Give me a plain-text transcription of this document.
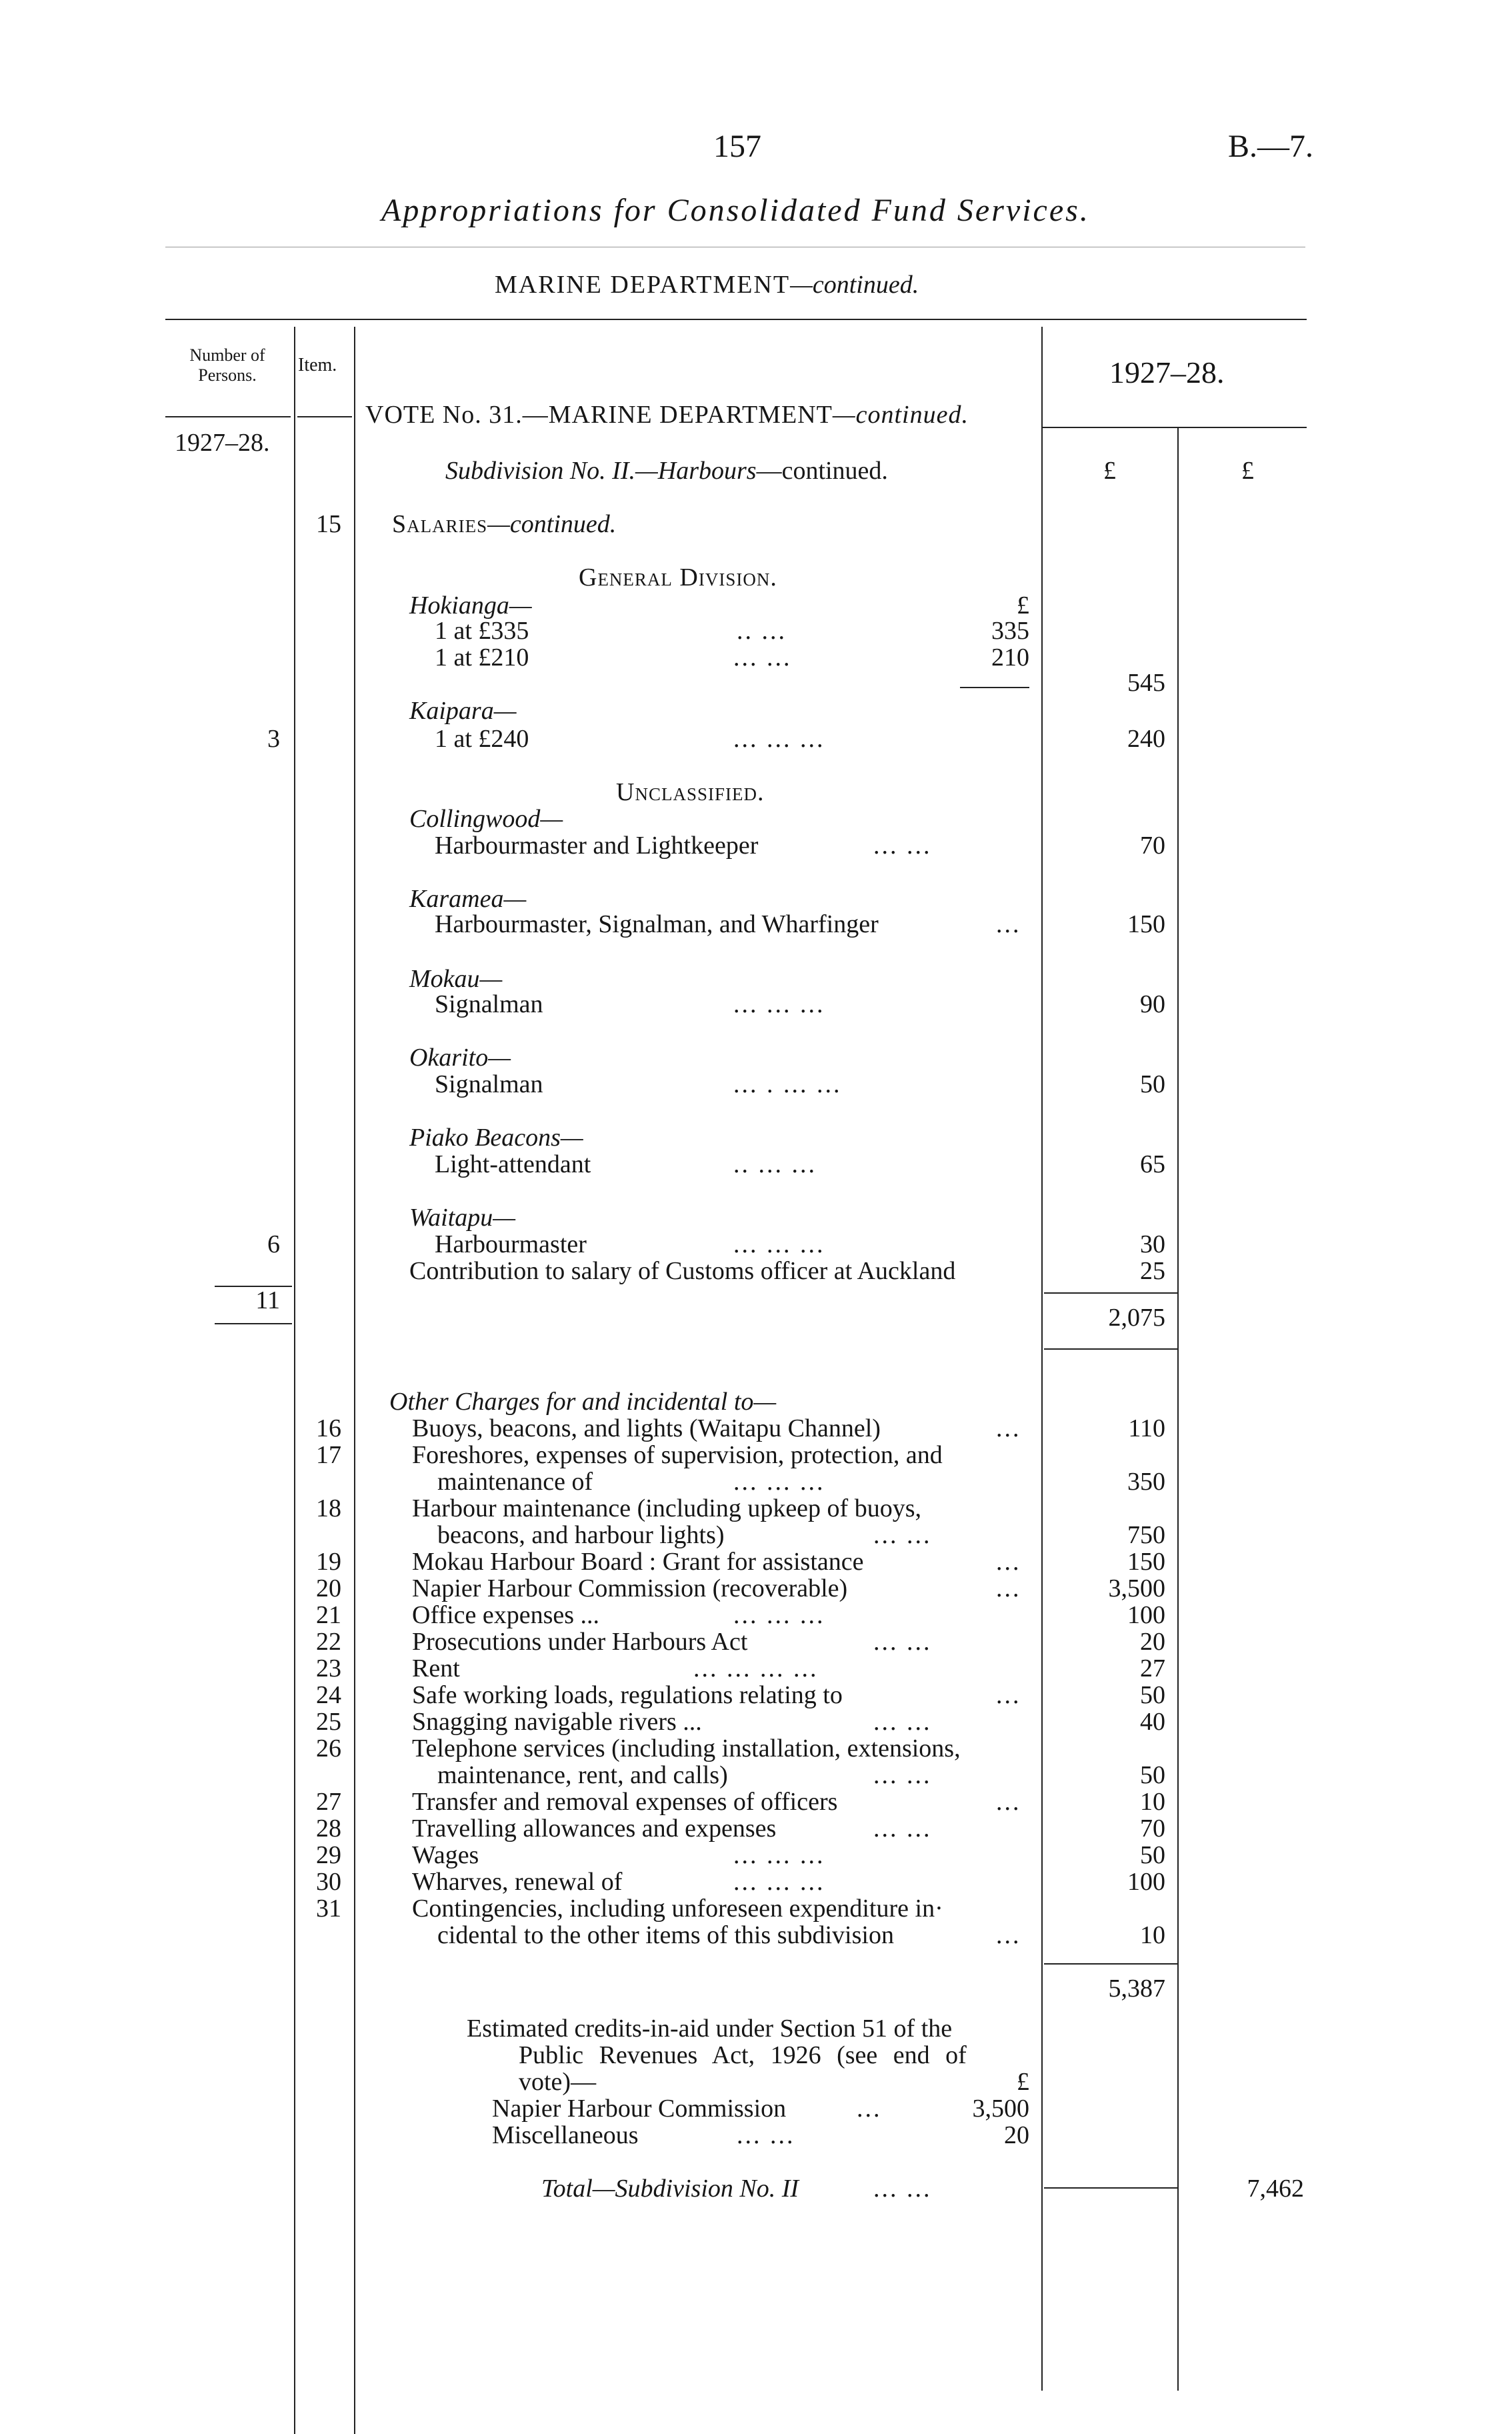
157	B.—7.
Appropriations for Consolidated Fund Services.
MARINE DEPARTMENT—continued.
Number of Persons.	Item.	1927–28.
VOTE No. 31.—MARINE DEPARTMENT—continued.
1927–28.
Subdivision No. II.—Harbours—continued.	£	£
15 Salaries—continued.
General Division.
£
Hokianga—
1 at £335	.. ...	335
1 at £210	... ...	210
545
Kaipara—
3	1 at £240	... ... ...	240
Unclassified.
Collingwood—
Harbourmaster and Lightkeeper	... ...	70
Karamea—
Harbourmaster, Signalman, and Wharfinger	...	150
Mokau—
Signalman	... ... ...	90
Okarito—
Signalman	... . ... ...	50
Piako Beacons—
Light-attendant	.. ... ...	65
Waitapu—
6	Harbourmaster	... ... ...	30
Contribution to salary of Customs officer at Auckland	25
11
2,075
Other Charges for and incidental to—
16	Buoys, beacons, and lights (Waitapu Channel)	...	110
17	Foreshores, expenses of supervision, protection, and
maintenance of	... ... ...	350
18	Harbour maintenance (including upkeep of buoys,
beacons, and harbour lights)	... ...	750
19	Mokau Harbour Board : Grant for assistance	...	150
20	Napier Harbour Commission (recoverable)	...	3,500
21	Office expenses ...	... ... ...	100
22	Prosecutions under Harbours Act	... ...	20
23	Rent	... ... ... ...	27
24	Safe working loads, regulations relating to	...	50
25	Snagging navigable rivers ...	... ...	40
26	Telephone services (including installation, extensions,
maintenance, rent, and calls)	... ...	50
27	Transfer and removal expenses of officers	...	10
28	Travelling allowances and expenses	... ...	70
29	Wages	... ... ...	50
30	Wharves, renewal of	... ... ...	100
31	Contingencies, including unforeseen expenditure in·
cidental to the other items of this subdivision	...	10
5,387
Estimated credits-in-aid under Section 51 of the
Public Revenues Act, 1926 (see end of
vote)—	£
Napier Harbour Commission	...	3,500
Miscellaneous	... ...	20
Total—Subdivision No. II	... ...	7,462
